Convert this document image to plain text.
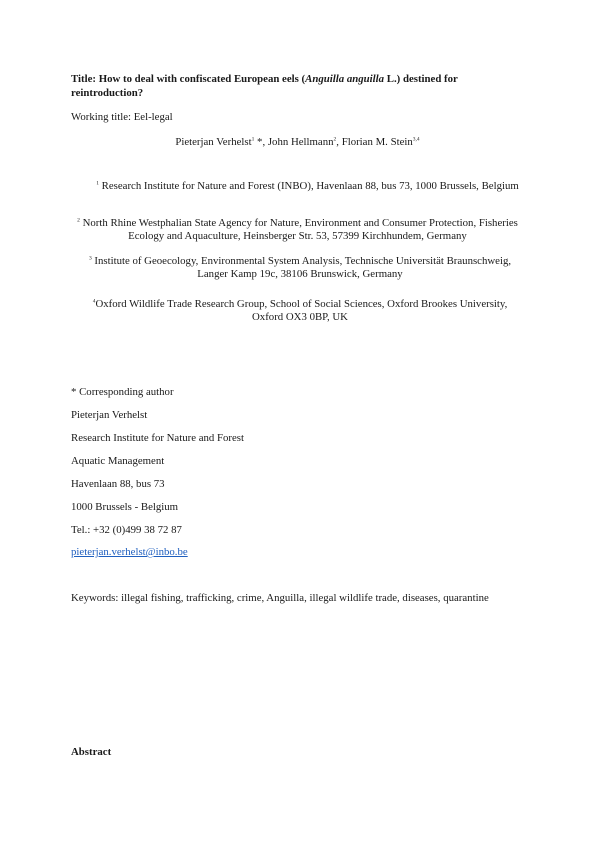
Title: How to deal with confiscated European eels (Anguilla anguilla L.) destined for reintroduction?
Working title: Eel-legal
Pieterjan Verhelst$^1$ *, John Hellmann$^2$, Florian M. Stein$^{3,4}$
$^1$ Research Institute for Nature and Forest (INBO), Havenlaan 88, bus 73, 1000 Brussels, Belgium
$^2$ North Rhine Westphalian State Agency for Nature, Environment and Consumer Protection, Fisheries Ecology and Aquaculture, Heinsberger Str. 53, 57399 Kirchhundem, Germany
$^3$ Institute of Geoecology, Environmental System Analysis, Technische Universität Braunschweig, Langer Kamp 19c, 38106 Brunswick, Germany
$^4$Oxford Wildlife Trade Research Group, School of Social Sciences, Oxford Brookes University, Oxford OX3 0BP, UK
* Corresponding author
Pieterjan Verhelst
Research Institute for Nature and Forest
Aquatic Management
Havenlaan 88, bus 73
1000 Brussels - Belgium
Tel.: +32 (0)499 38 72 87
pieterjan.verhelst@inbo.be
Keywords: illegal fishing, trafficking, crime, Anguilla, illegal wildlife trade, diseases, quarantine
Abstract
